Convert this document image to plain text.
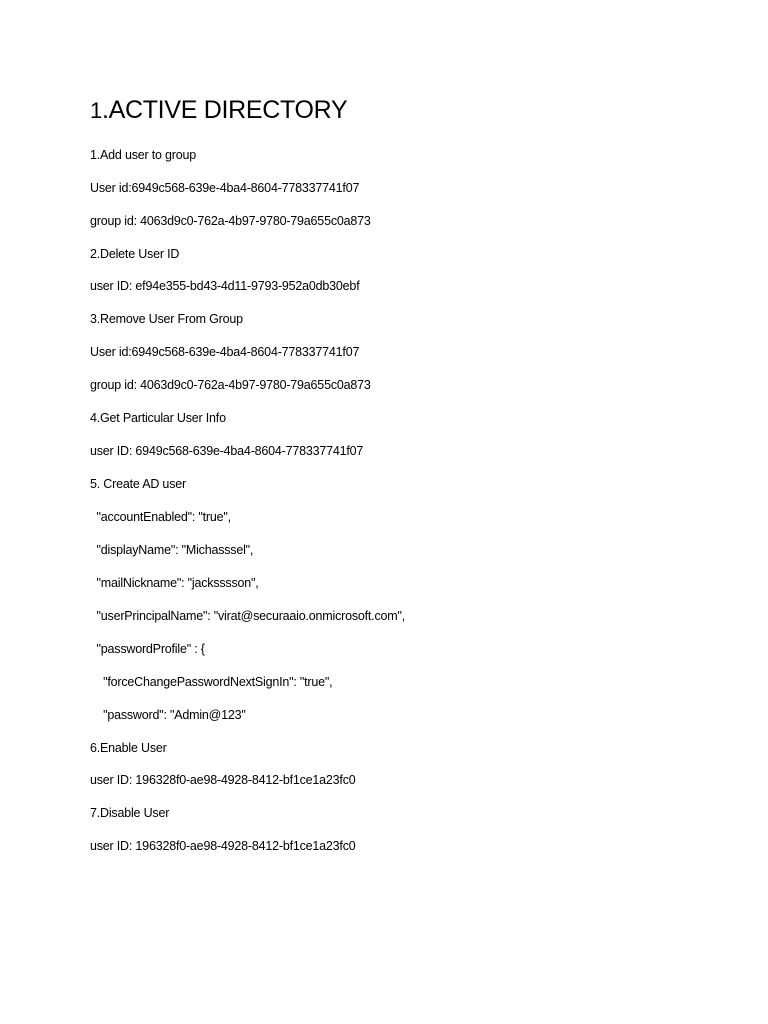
1.ACTIVE DIRECTORY
1.Add user to group
User id:6949c568-639e-4ba4-8604-778337741f07
group id: 4063d9c0-762a-4b97-9780-79a655c0a873
2.Delete User ID
user ID: ef94e355-bd43-4d11-9793-952a0db30ebf
3.Remove User From Group
User id:6949c568-639e-4ba4-8604-778337741f07
group id: 4063d9c0-762a-4b97-9780-79a655c0a873
4.Get Particular User Info
user ID: 6949c568-639e-4ba4-8604-778337741f07
5. Create AD user
"accountEnabled": "true",
"displayName": "Michasssel",
"mailNickname": "jacksssson",
"userPrincipalName": "virat@securaaio.onmicrosoft.com",
"passwordProfile" : {
"forceChangePasswordNextSignIn": "true",
"password": "Admin@123"
6.Enable User
user ID: 196328f0-ae98-4928-8412-bf1ce1a23fc0
7.Disable User
user ID: 196328f0-ae98-4928-8412-bf1ce1a23fc0
